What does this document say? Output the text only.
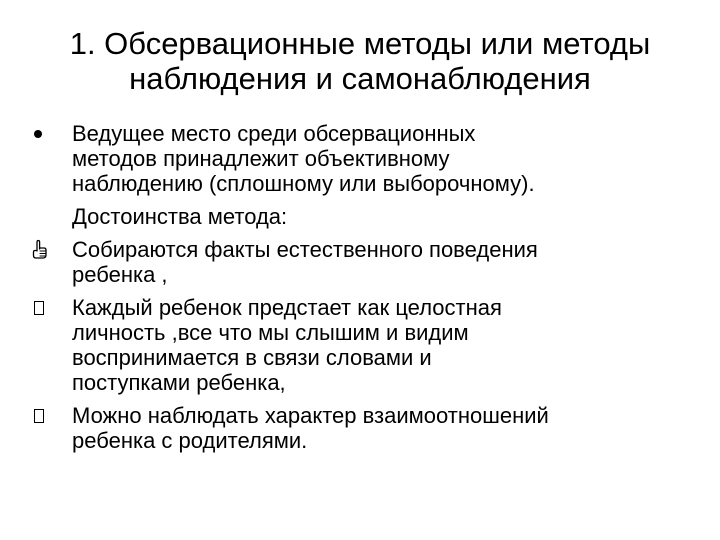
1. Обсервационные методы или методы
наблюдения и самонаблюдения
Ведущее место среди обсервационных
методов принадлежит объективному
наблюдению (сплошному или выборочному).
Достоинства метода:
Собираются факты естественного поведения
ребенка ,
Каждый ребенок предстает как целостная
личность ,все что мы слышим и видим
воспринимается в связи словами и
поступками ребенка,
Можно наблюдать характер взаимоотношений
ребенка с родителями.
